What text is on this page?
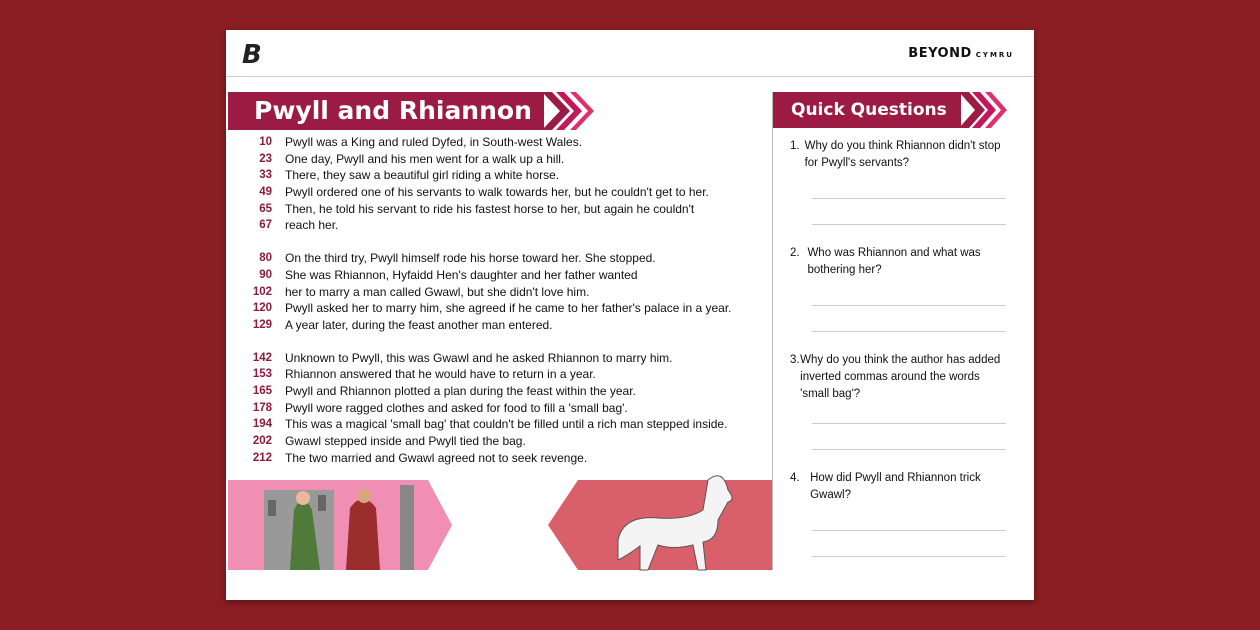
B	BEYOND CYMRU
Pwyll and Rhiannon
10	Pwyll was a King and ruled Dyfed, in South-west Wales.
23	One day, Pwyll and his men went for a walk up a hill.
33	There, they saw a beautiful girl riding a white horse.
49	Pwyll ordered one of his servants to walk towards her, but he couldn't get to her.
65	Then, he told his servant to ride his fastest horse to her, but again he couldn't
67	reach her.
80	On the third try, Pwyll himself rode his horse toward her. She stopped.
90	She was Rhiannon, Hyfaidd Hen's daughter and her father wanted
102	her to marry a man called Gwawl, but she didn't love him.
120	Pwyll asked her to marry him, she agreed if he came to her father's palace in a year.
129	A year later, during the feast another man entered.
142	Unknown to Pwyll, this was Gwawl and he asked Rhiannon to marry him.
153	Rhiannon answered that he would have to return in a year.
165	Pwyll and Rhiannon plotted a plan during the feast within the year.
178	Pwyll wore ragged clothes and asked for food to fill a 'small bag'.
194	This was a magical 'small bag' that couldn't be filled until a rich man stepped inside.
202	Gwawl stepped inside and Pwyll tied the bag.
212	The two married and Gwawl agreed not to seek revenge.
Quick Questions
1. Why do you think Rhiannon didn't stop for Pwyll's servants?
2. Who was Rhiannon and what was bothering her?
3. Why do you think the author has added inverted commas around the words 'small bag'?
4. How did Pwyll and Rhiannon trick Gwawl?
